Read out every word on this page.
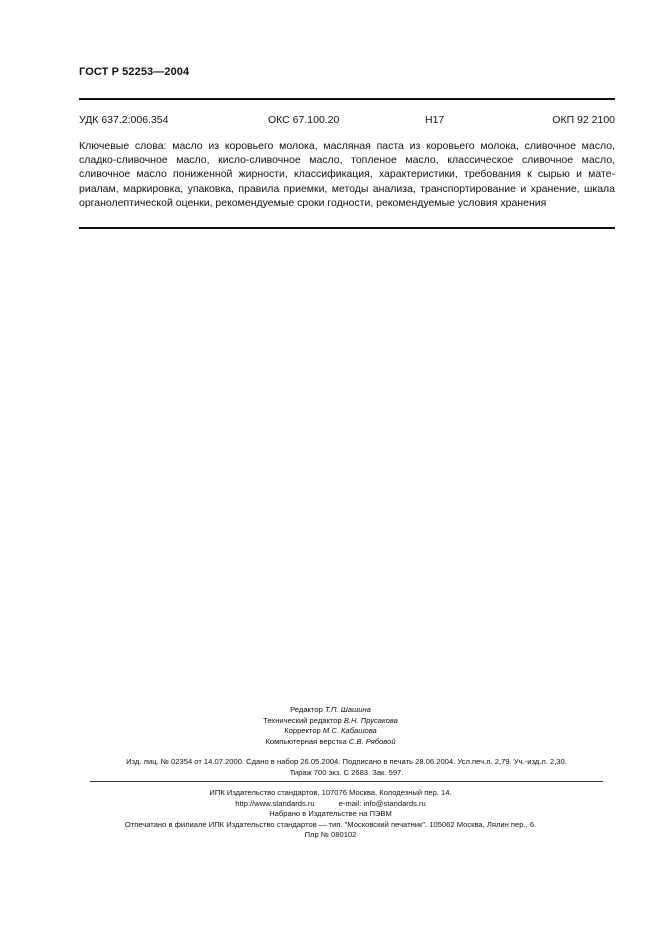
ГОСТ Р 52253—2004
УДК 637.2:006.354	ОКС 67.100.20	Н17	ОКП 92 2100

Ключевые слова: масло из коровьего молока, масляная паста из коровьего молока, сливочное масло, сладко-сливочное масло, кисло-сливочное масло, топленое масло, классическое сливочное масло, сливочное масло пониженной жирности, классификация, характеристики, требования к сырью и материалам, маркировка, упаковка, правила приемки, методы анализа, транспортирование и хранение, шкала органолептической оценки, рекомендуемые сроки годности, рекомендуемые условия хранения

Редактор Т.П. Шашина
Технический редактор В.Н. Прусакова
Корректор М.С. Кабашова
Компьютерная верстка С.В. Рябовой
Изд. лиц. № 02354 от 14.07.2000. Сдано в набор 26.05.2004. Подписано в печать 28.06.2004. Усл.печ.л. 2,79. Уч.-изд.л. 2,30.
Тираж 700 экз. С 2683. Зак. 597.
ИПК Издательство стандартов, 107076 Москва, Колодезный пер. 14.
http://www.standards.ru	e-mail: info@standards.ru
Набрано в Издательстве на ПЭВМ
Отпечатано в филиале ИПК Издательство стандартов — тип. "Московский печатник". 105062 Москва, Лялин пер., 6.
Плр № 080102
